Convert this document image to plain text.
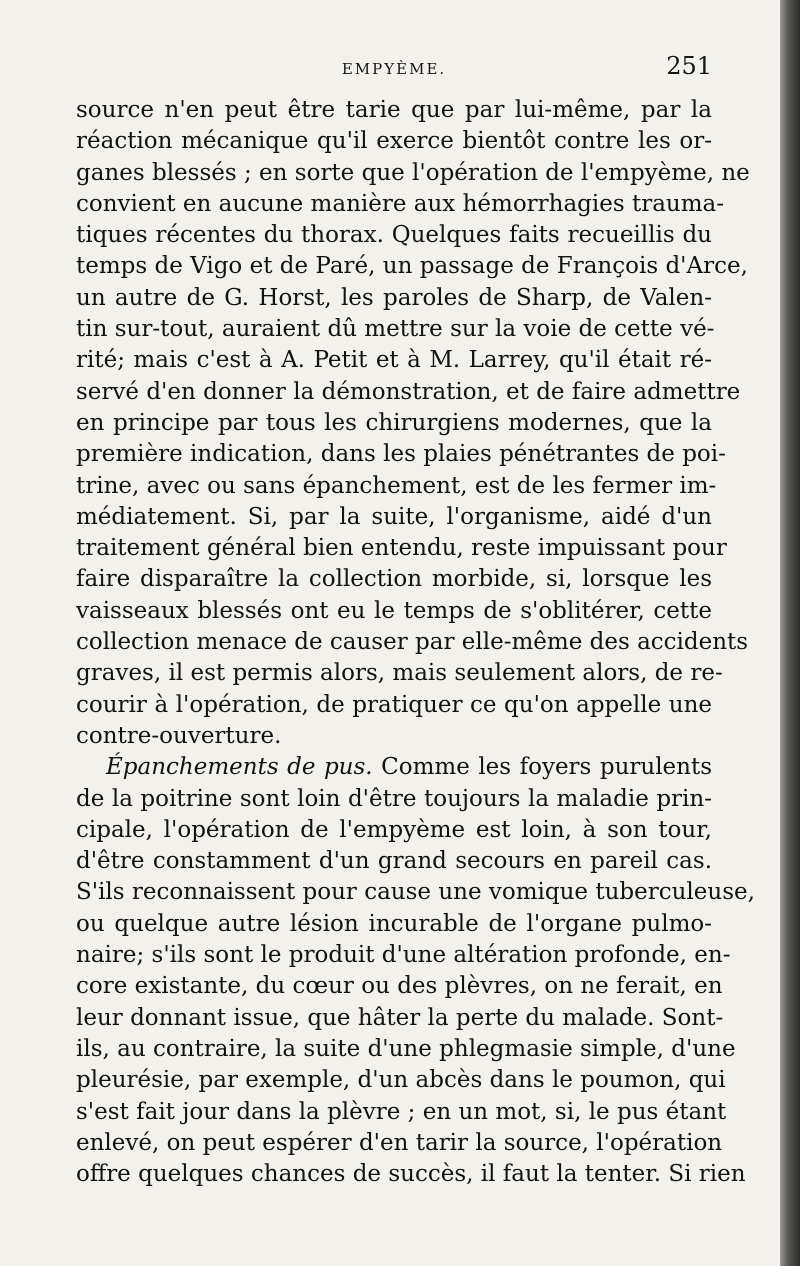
EMPYÈME.	251
source n'en peut être tarie que par lui-même, par la
réaction mécanique qu'il exerce bientôt contre les or-
ganes blessés ; en sorte que l'opération de l'empyème, ne
convient en aucune manière aux hémorrhagies trauma-
tiques récentes du thorax. Quelques faits recueillis du
temps de Vigo et de Paré, un passage de François d'Arce,
un autre de G. Horst, les paroles de Sharp, de Valen-
tin sur-tout, auraient dû mettre sur la voie de cette vé-
rité; mais c'est à A. Petit et à M. Larrey, qu'il était ré-
servé d'en donner la démonstration, et de faire admettre
en principe par tous les chirurgiens modernes, que la
première indication, dans les plaies pénétrantes de poi-
trine, avec ou sans épanchement, est de les fermer im-
médiatement. Si, par la suite, l'organisme, aidé d'un
traitement général bien entendu, reste impuissant pour
faire disparaître la collection morbide, si, lorsque les
vaisseaux blessés ont eu le temps de s'oblitérer, cette
collection menace de causer par elle-même des accidents
graves, il est permis alors, mais seulement alors, de re-
courir à l'opération, de pratiquer ce qu'on appelle une
contre-ouverture.
Épanchements de pus. Comme les foyers purulents
de la poitrine sont loin d'être toujours la maladie prin-
cipale, l'opération de l'empyème est loin, à son tour,
d'être constamment d'un grand secours en pareil cas.
S'ils reconnaissent pour cause une vomique tuberculeuse,
ou quelque autre lésion incurable de l'organe pulmo-
naire; s'ils sont le produit d'une altération profonde, en-
core existante, du cœur ou des plèvres, on ne ferait, en
leur donnant issue, que hâter la perte du malade. Sont-
ils, au contraire, la suite d'une phlegmasie simple, d'une
pleurésie, par exemple, d'un abcès dans le poumon, qui
s'est fait jour dans la plèvre ; en un mot, si, le pus étant
enlevé, on peut espérer d'en tarir la source, l'opération
offre quelques chances de succès, il faut la tenter. Si rien
